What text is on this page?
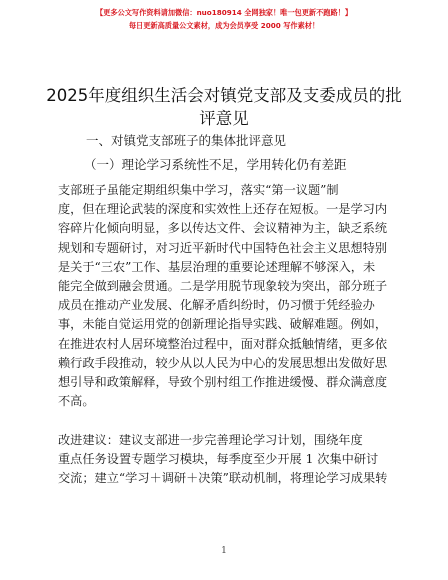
【更多公文写作资料请加微信：nuo180914 全网独家！唯一包更新不跑路！】
每日更新高质量公文素材，成为会员享受 2000 写作素材！
2025年度组织生活会对镇党支部及支委成员的批评意见
一、对镇党支部班子的集体批评意见
（一）理论学习系统性不足，学用转化仍有差距
支部班子虽能定期组织集中学习，落实“第一议题”制
度，但在理论武装的深度和实效性上还存在短板。一是学习内
容碎片化倾向明显，多以传达文件、会议精神为主，缺乏系统
规划和专题研讨，对习近平新时代中国特色社会主义思想特别
是关于“三农”工作、基层治理的重要论述理解不够深入，未
能完全做到融会贯通。二是学用脱节现象较为突出，部分班子
成员在推动产业发展、化解矛盾纠纷时，仍习惯于凭经验办
事，未能自觉运用党的创新理论指导实践、破解难题。例如，
在推进农村人居环境整治过程中，面对群众抵触情绪，更多依
赖行政手段推动，较少从以人民为中心的发展思想出发做好思
想引导和政策解释，导致个别村组工作推进缓慢、群众满意度
不高。
改进建议：建议支部进一步完善理论学习计划，围绕年度
重点任务设置专题学习模块，每季度至少开展 1 次集中研讨
交流；建立“学习＋调研＋决策”联动机制，将理论学习成果转
1
